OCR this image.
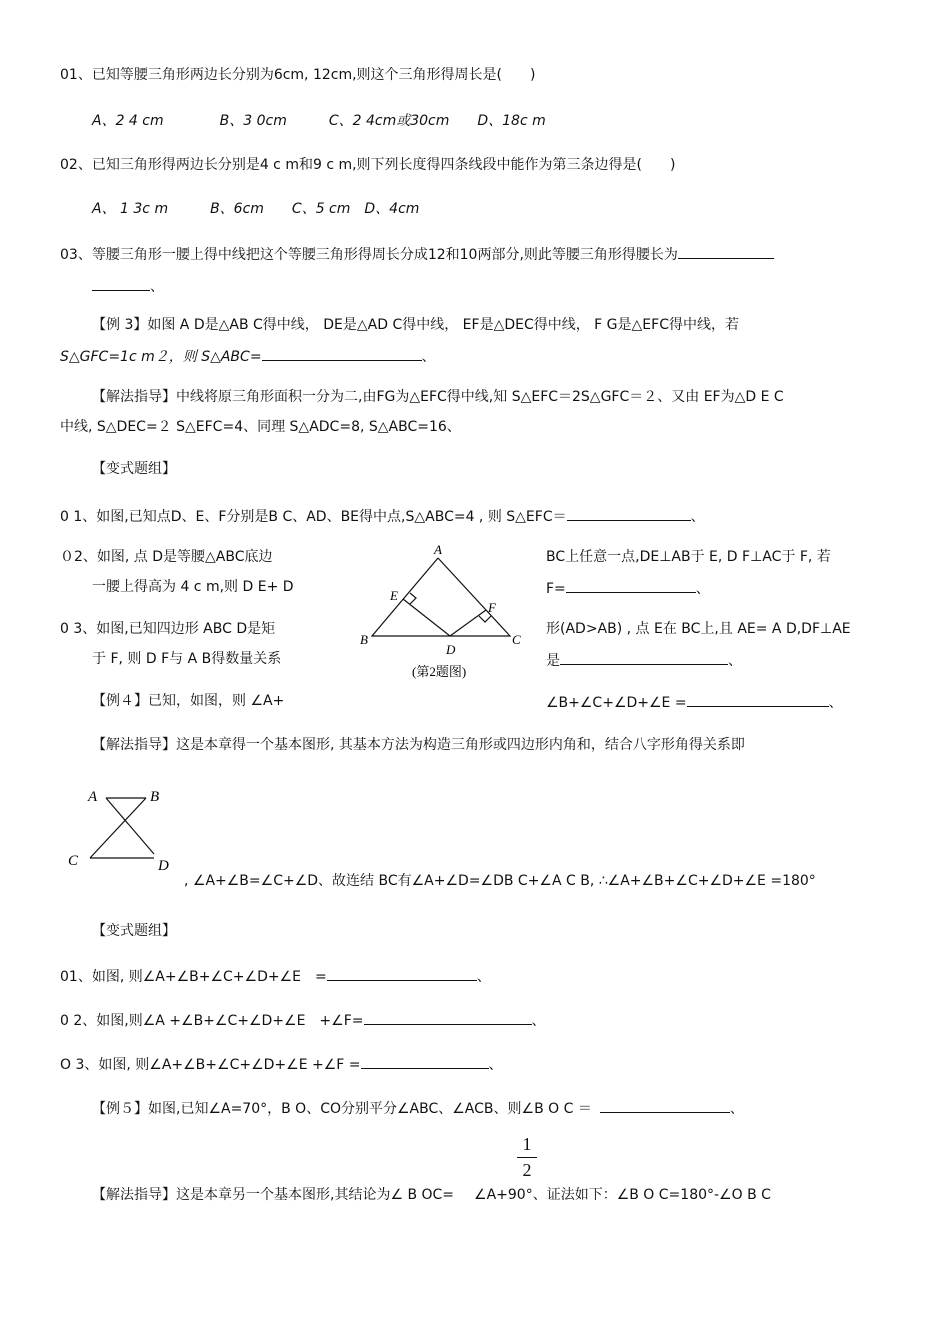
01、已知等腰三角形两边长分别为6cm, 12cm,则这个三角形得周长是(　　)
A、2 4 cm　　　　B、3 0cm　　　C、2 4cm或30cm　　D、18c m
02、已知三角形得两边长分别是4 c m和9 c m,则下列长度得四条线段中能作为第三条边得是(　　)
A、 1 3c m　　　B、6cm　　C、5 cm　D、4cm
03、等腰三角形一腰上得中线把这个等腰三角形得周长分成12和10两部分,则此等腰三角形得腰长为
、
【例 3】如图 A D是△AB C得中线， DE是△AD C得中线， EF是△DEC得中线， F G是△EFC得中线，若
S△GFC=1c m２，则 S△ABC=	、
【解法指导】中线将原三角形面积一分为二,由FG为△EFC得中线,知 S△EFC＝2S△GFC＝２、又由 EF为△D E C
中线, S△DEC=２ S△EFC=4、同理 S△ADC=8, S△ABC=16、
【变式题组】
0 1、如图,已知点D、E、F分别是B C、AD、BE得中点,S△ABC=4 , 则 S△EFC＝	、
０2、如图, 点 D是等腰△ABC底边
一腰上得高为 4 c m,则 D E+ D
BC上任意一点,DE⊥AB于 E, D F⊥AC于 F, 若
F=	、
0 3、如图,已知四边形 ABC D是矩
于 F, 则 D F与 A B得数量关系
形(AD>AB) , 点 E在 BC上,且 AE= A D,DF⊥AE
是	、
A
B	C
D
E
F
(第2题图)
【例４】已知，如图，则 ∠A+	∠B+∠C+∠D+∠E =	、
【解法指导】这是本章得一个基本图形, 其基本方法为构造三角形或四边形内角和，结合八字形角得关系即
A	B
C	D
, ∠A+∠B=∠C+∠D、故连结 BC有∠A+∠D=∠DB C+∠A C B, ∴∠A+∠B+∠C+∠D+∠E =180°
【变式题组】
01、如图, 则∠A+∠B+∠C+∠D+∠E　=	、
0 2、如图,则∠A +∠B+∠C+∠D+∠E　+∠F=	、
O 3、如图, 则∠A+∠B+∠C+∠D+∠E +∠F =	、
【例５】如图,已知∠A=70°，B O、CO分别平分∠ABC、∠ACB、则∠B O C ＝	、
1
2
【解法指导】这是本章另一个基本图形,其结论为∠ B OC= ∠A+90°、证法如下：∠B O C=180°-∠O B C
